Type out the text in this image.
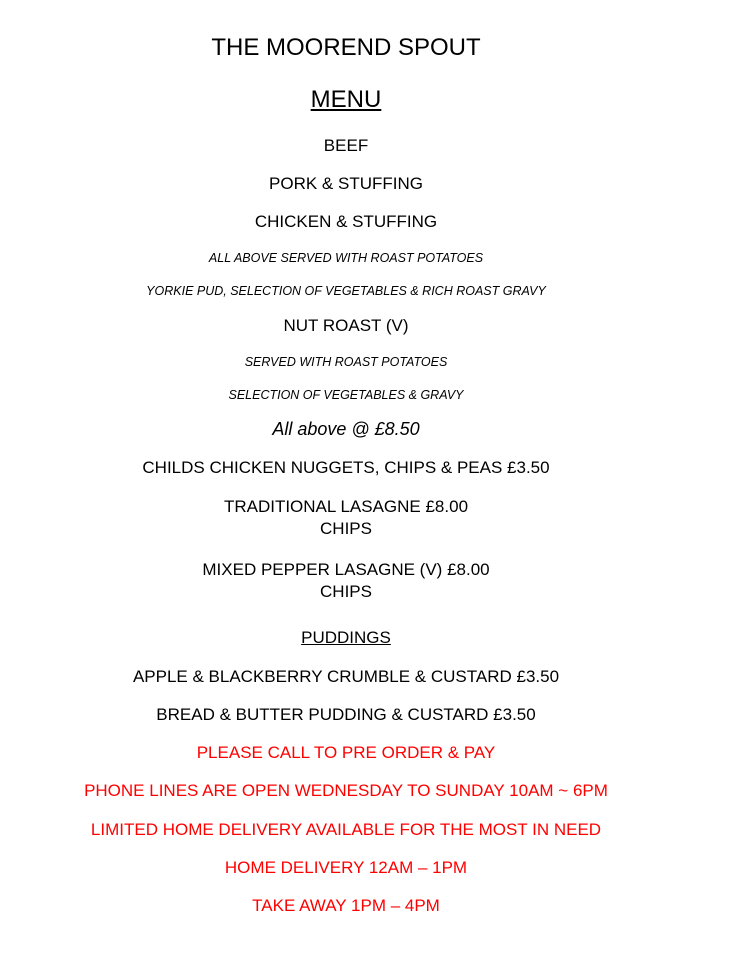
THE MOOREND SPOUT
MENU
BEEF
PORK & STUFFING
CHICKEN & STUFFING
ALL ABOVE SERVED WITH ROAST POTATOES
YORKIE PUD, SELECTION OF VEGETABLES & RICH ROAST GRAVY
NUT ROAST (V)
SERVED WITH ROAST POTATOES
SELECTION OF VEGETABLES & GRAVY
All above @ £8.50
CHILDS CHICKEN NUGGETS, CHIPS & PEAS £3.50
TRADITIONAL LASAGNE £8.00
CHIPS
MIXED PEPPER LASAGNE (V) £8.00
CHIPS
PUDDINGS
APPLE & BLACKBERRY CRUMBLE & CUSTARD £3.50
BREAD & BUTTER PUDDING & CUSTARD £3.50
PLEASE CALL TO PRE ORDER & PAY
PHONE LINES ARE OPEN WEDNESDAY TO SUNDAY 10AM ~ 6PM
LIMITED HOME DELIVERY AVAILABLE FOR THE MOST IN NEED
HOME DELIVERY 12AM – 1PM
TAKE AWAY 1PM – 4PM
